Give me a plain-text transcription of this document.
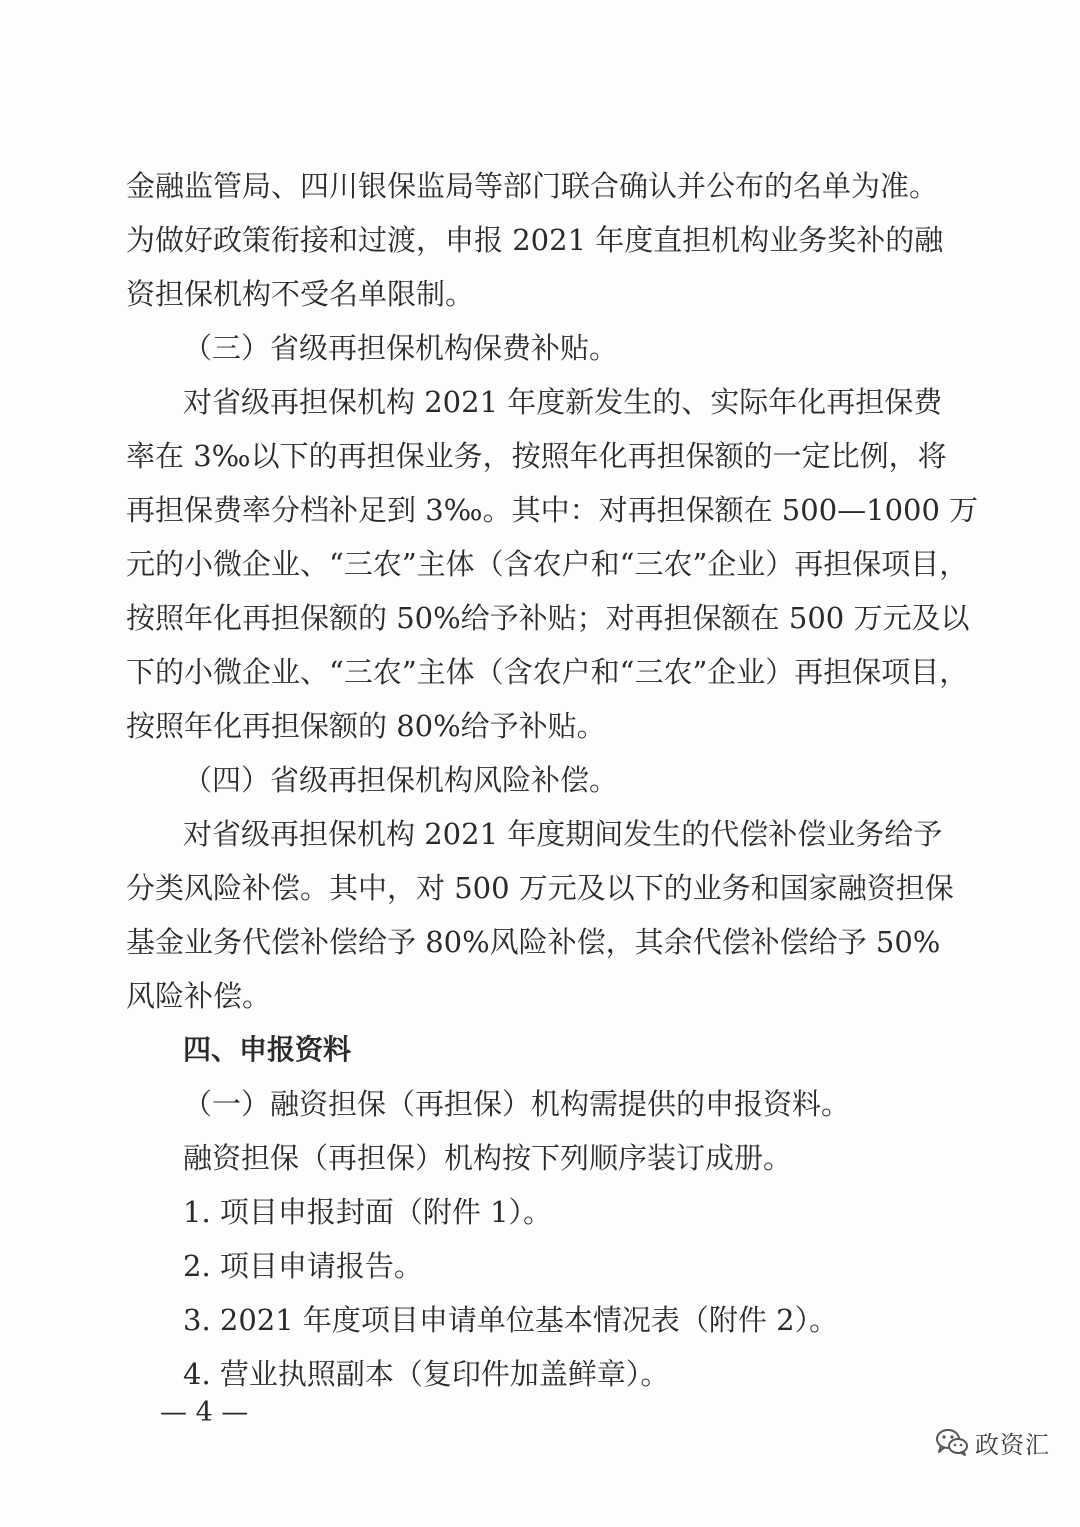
金融监管局、四川银保监局等部门联合确认并公布的名单为准。
为做好政策衔接和过渡，申报 2021 年度直担机构业务奖补的融
资担保机构不受名单限制。
（三）省级再担保机构保费补贴。
对省级再担保机构 2021 年度新发生的、实际年化再担保费
率在 3‰以下的再担保业务，按照年化再担保额的一定比例，将
再担保费率分档补足到 3‰。其中：对再担保额在 500—1000 万
元的小微企业、“三农”主体（含农户和“三农”企业）再担保项目，
按照年化再担保额的 50%给予补贴；对再担保额在 500 万元及以
下的小微企业、“三农”主体（含农户和“三农”企业）再担保项目，
按照年化再担保额的 80%给予补贴。
（四）省级再担保机构风险补偿。
对省级再担保机构 2021 年度期间发生的代偿补偿业务给予
分类风险补偿。其中，对 500 万元及以下的业务和国家融资担保
基金业务代偿补偿给予 80%风险补偿，其余代偿补偿给予 50%
风险补偿。
四、申报资料
（一）融资担保（再担保）机构需提供的申报资料。
融资担保（再担保）机构按下列顺序装订成册。
1. 项目申报封面（附件 1）。
2. 项目申请报告。
3. 2021 年度项目申请单位基本情况表（附件 2）。
4. 营业执照副本（复印件加盖鲜章）。
— 4 —
政资汇
